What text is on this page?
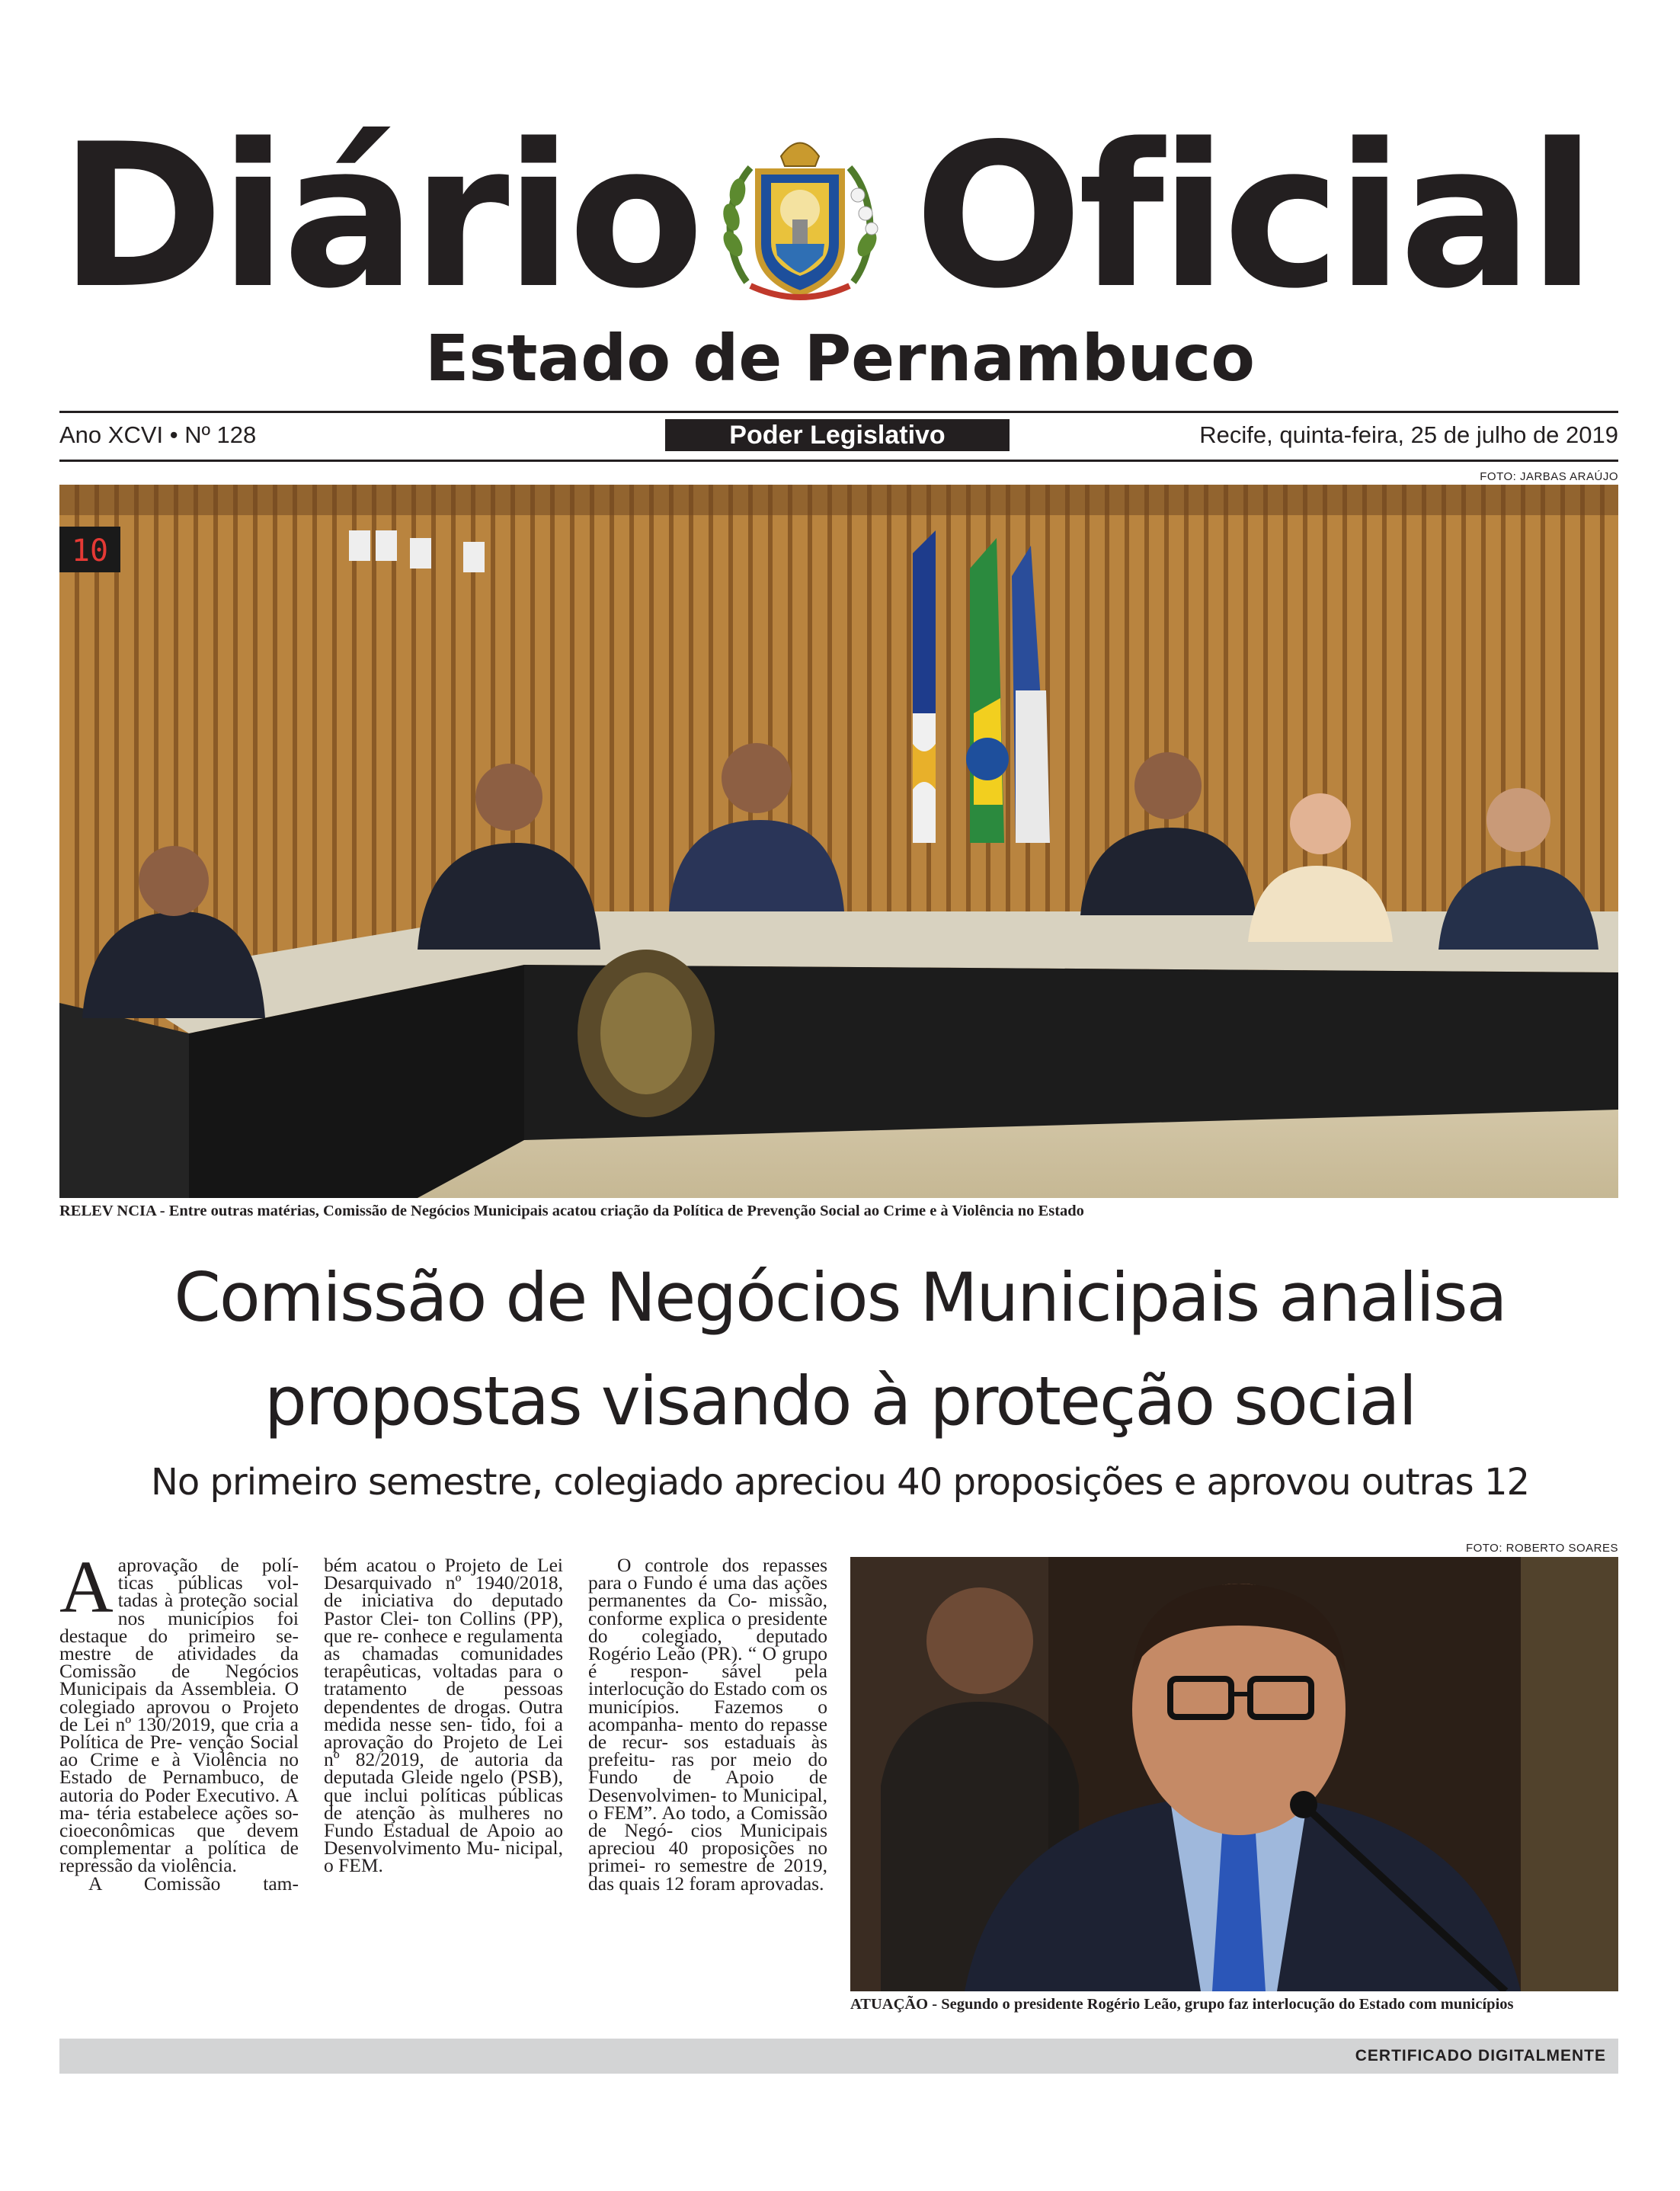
Diário Oficial
Estado de Pernambuco
Ano XCVI • Nº 128	Poder Legislativo	Recife, quinta-feira, 25 de julho de 2019
FOTO: JARBAS ARAÚJO
10
RELEV NCIA - Entre outras matérias, Comissão de Negócios Municipais acatou criação da Política de Prevenção Social ao Crime e à Violência no Estado
Comissão de Negócios Municipais analisa
propostas visando à proteção social
No primeiro semestre, colegiado apreciou 40 proposições e aprovou outras 12

Aaprovação de polí- ticas públicas vol- tadas à proteção social nos municípios foi destaque do primeiro se- mestre de atividades da Comissão de Negócios Municipais da Assembleia. O colegiado aprovou o Projeto de Lei nº 130/2019, que cria a Política de Pre- venção Social ao Crime e à Violência no Estado de Pernambuco, de autoria do Poder Executivo. A ma- téria estabelece ações so- cioeconômicas que devem complementar a política de repressão da violência.

A Comissão tam-

bém acatou o Projeto de Lei Desarquivado nº 1940/2018, de iniciativa do deputado Pastor Clei- ton Collins (PP), que re- conhece e regulamenta as chamadas comunidades terapêuticas, voltadas para o tratamento de pessoas dependentes de drogas. Outra medida nesse sen- tido, foi a aprovação do Projeto de Lei nº 82/2019, de autoria da deputada Gleide ngelo (PSB), que inclui políticas públicas de atenção às mulheres no Fundo Estadual de Apoio ao Desenvolvimento Mu- nicipal, o FEM.

O controle dos repasses para o Fundo é uma das ações permanentes da Co- missão, conforme explica o presidente do colegiado, deputado Rogério Leão (PR). “ O grupo é respon- sável pela interlocução do Estado com os municípios. Fazemos o acompanha- mento do repasse de recur- sos estaduais às prefeitu- ras por meio do Fundo de Apoio de Desenvolvimen- to Municipal, o FEM”. Ao todo, a Comissão de Negó- cios Municipais apreciou 40 proposições no primei- ro semestre de 2019, das quais 12 foram aprovadas.

FOTO: ROBERTO SOARES
ATUAÇÃO - Segundo o presidente Rogério Leão, grupo faz interlocução do Estado com municípios
CERTIFICADO DIGITALMENTE
